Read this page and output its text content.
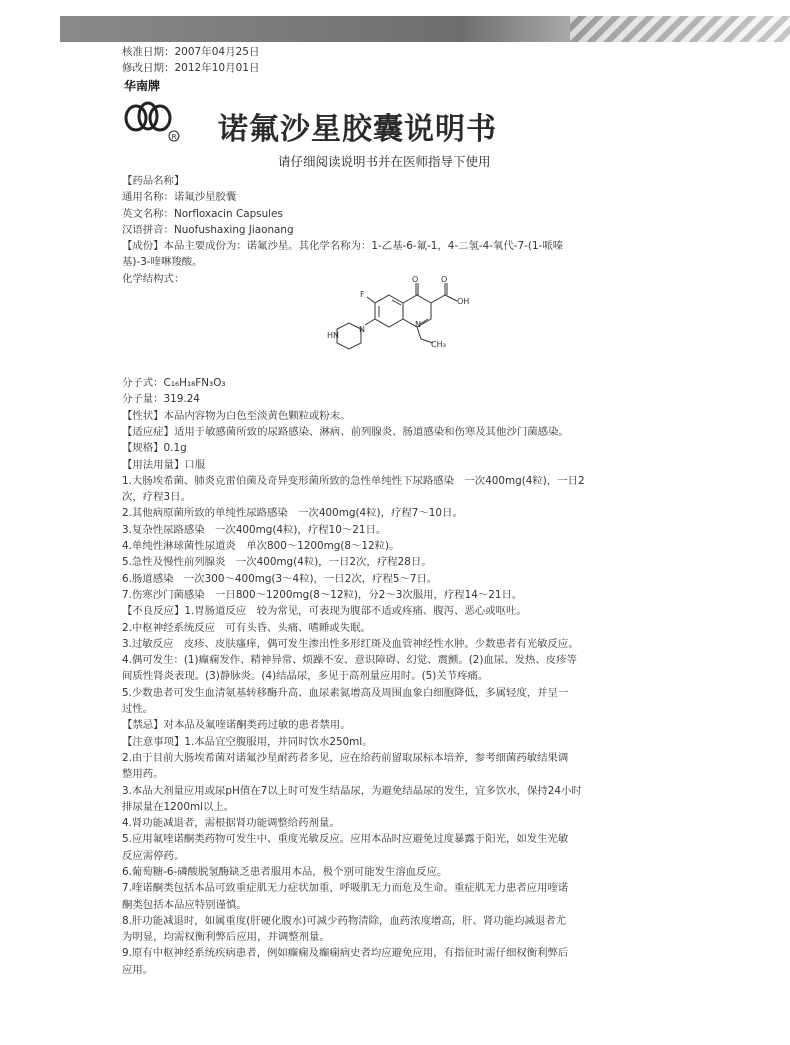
核准日期：2007年04月25日
修改日期：2012年10月01日
华南牌
R 诺氟沙星胶囊说明书
请仔细阅读说明书并在医师指导下使用
【药品名称】
通用名称：诺氟沙星胶囊
英文名称：Norfloxacin Capsules
汉语拼音：Nuofushaxing Jiaonang
【成份】本品主要成份为：诺氟沙星。其化学名称为：1-乙基-6-氟-1，4-二氢-4-氧代-7-(1-哌嗪
基)-3-喹啉羧酸。
化学结构式：
N
O	O
OH
F
N
HN
CH₃
分子式：C₁₆H₁₈FN₃O₃
分子量：319.24
【性状】本品内容物为白色至淡黄色颗粒或粉末。
【适应症】适用于敏感菌所致的尿路感染、淋病、前列腺炎、肠道感染和伤寒及其他沙门菌感染。
【规格】0.1g
【用法用量】口服
1.大肠埃希菌、肺炎克雷伯菌及奇异变形菌所致的急性单纯性下尿路感染　一次400mg(4粒)，一日2
次，疗程3日。
2.其他病原菌所致的单纯性尿路感染　一次400mg(4粒)，疗程7～10日。
3.复杂性尿路感染　一次400mg(4粒)，疗程10～21日。
4.单纯性淋球菌性尿道炎　单次800～1200mg(8～12粒)。
5.急性及慢性前列腺炎　一次400mg(4粒)，一日2次，疗程28日。
6.肠道感染　一次300～400mg(3～4粒)，一日2次，疗程5～7日。
7.伤寒沙门菌感染　一日800～1200mg(8～12粒)，分2～3次服用，疗程14～21日。
【不良反应】1.胃肠道反应　较为常见，可表现为腹部不适或疼痛、腹泻、恶心或呕吐。
2.中枢神经系统反应　可有头昏、头痛、嗜睡或失眠。
3.过敏反应　皮疹、皮肤瘙痒，偶可发生渗出性多形红斑及血管神经性水肿。少数患者有光敏反应。
4.偶可发生：(1)癫痫发作、精神异常、烦躁不安、意识障碍、幻觉、震颤。(2)血尿、发热、皮疹等
间质性肾炎表现。(3)静脉炎。(4)结晶尿，多见于高剂量应用时。(5)关节疼痛。
5.少数患者可发生血清氨基转移酶升高、血尿素氮增高及周围血象白细胞降低，多属轻度，并呈一
过性。
【禁忌】对本品及氟喹诺酮类药过敏的患者禁用。
【注意事项】1.本品宜空腹服用，并同时饮水250ml。
2.由于目前大肠埃希菌对诺氟沙星耐药者多见，应在给药前留取尿标本培养，参考细菌药敏结果调
整用药。
3.本品大剂量应用或尿pH值在7以上时可发生结晶尿，为避免结晶尿的发生，宜多饮水，保持24小时
排尿量在1200ml以上。
4.肾功能减退者，需根据肾功能调整给药剂量。
5.应用氟喹诺酮类药物可发生中、重度光敏反应。应用本品时应避免过度暴露于阳光，如发生光敏
反应需停药。
6.葡萄糖-6-磷酸脱氢酶缺乏患者服用本品，极个别可能发生溶血反应。
7.喹诺酮类包括本品可致重症肌无力症状加重，呼吸肌无力而危及生命。重症肌无力患者应用喹诺
酮类包括本品应特别谨慎。
8.肝功能减退时，如属重度(肝硬化腹水)可减少药物清除，血药浓度增高，肝、肾功能均减退者尤
为明显，均需权衡利弊后应用，并调整剂量。
9.原有中枢神经系统疾病患者，例如癫痫及癫痫病史者均应避免应用，有指征时需仔细权衡利弊后
应用。
